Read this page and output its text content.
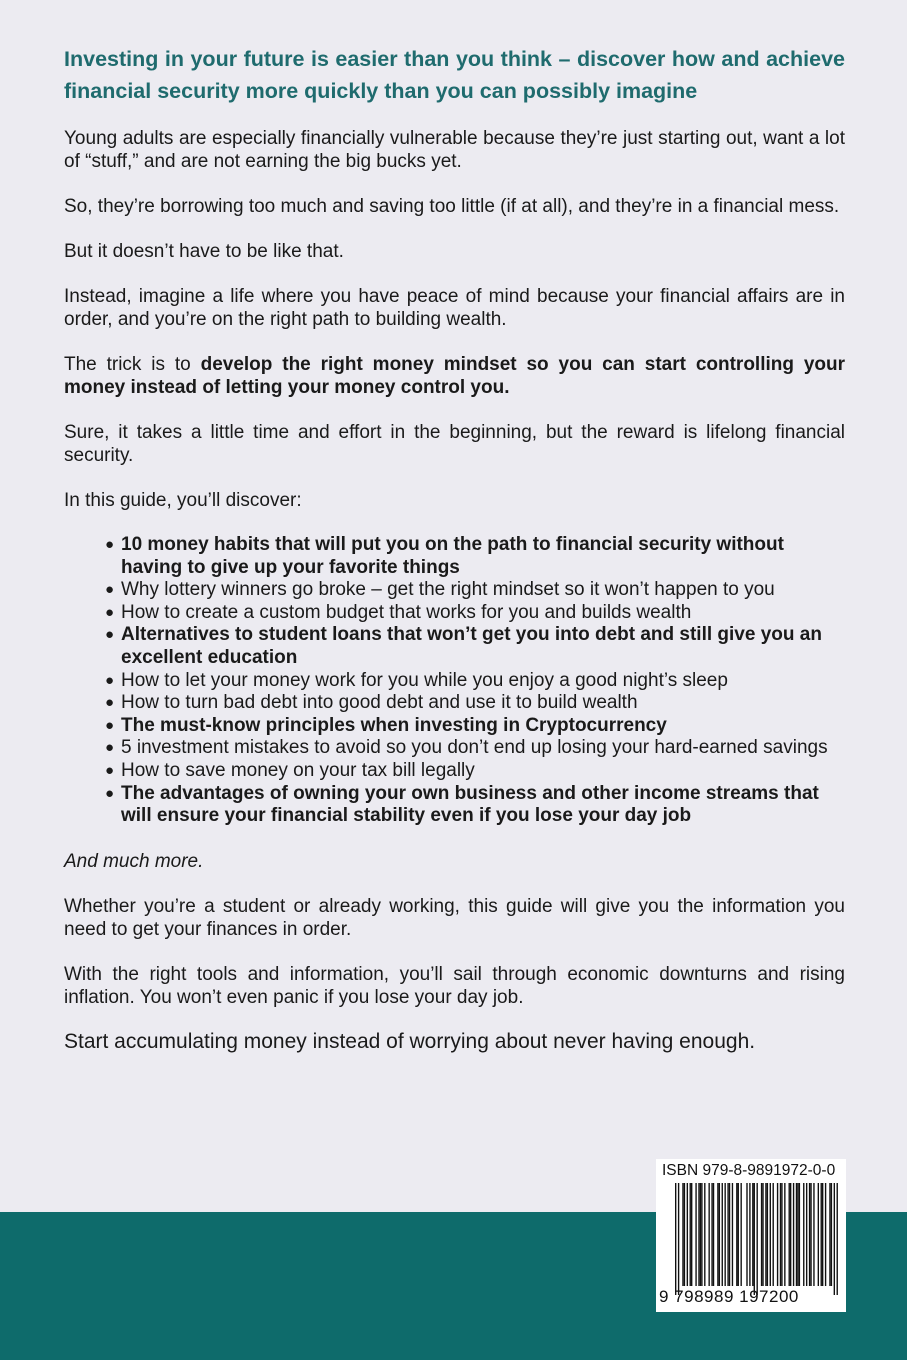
Investing in your future is easier than you think – discover how and achieve financial security more quickly than you can possibly imagine

Young adults are especially financially vulnerable because they’re just starting out, want a lot of “stuff,” and are not earning the big bucks yet.

So, they’re borrowing too much and saving too little (if at all), and they’re in a financial mess.

But it doesn’t have to be like that.

Instead, imagine a life where you have peace of mind because your financial affairs are in order, and you’re on the right path to building wealth.

The trick is to develop the right money mindset so you can start controlling your money instead of letting your money control you.

Sure, it takes a little time and effort in the beginning, but the reward is lifelong financial security.

In this guide, you’ll discover:

● 10 money habits that will put you on the path to financial security without having to give up your favorite things
● Why lottery winners go broke – get the right mindset so it won’t happen to you
● How to create a custom budget that works for you and builds wealth
● Alternatives to student loans that won’t get you into debt and still give you an excellent education
● How to let your money work for you while you enjoy a good night’s sleep
● How to turn bad debt into good debt and use it to build wealth
● The must-know principles when investing in Cryptocurrency
● 5 investment mistakes to avoid so you don’t end up losing your hard-earned savings
● How to save money on your tax bill legally
● The advantages of owning your own business and other income streams that will ensure your financial stability even if you lose your day job

And much more.

Whether you’re a student or already working, this guide will give you the information you need to get your finances in order.

With the right tools and information, you’ll sail through economic downturns and rising inflation. You won’t even panic if you lose your day job.

Start accumulating money instead of worrying about never having enough.

ISBN 979-8-9891972-0-0
9 798989 197200
